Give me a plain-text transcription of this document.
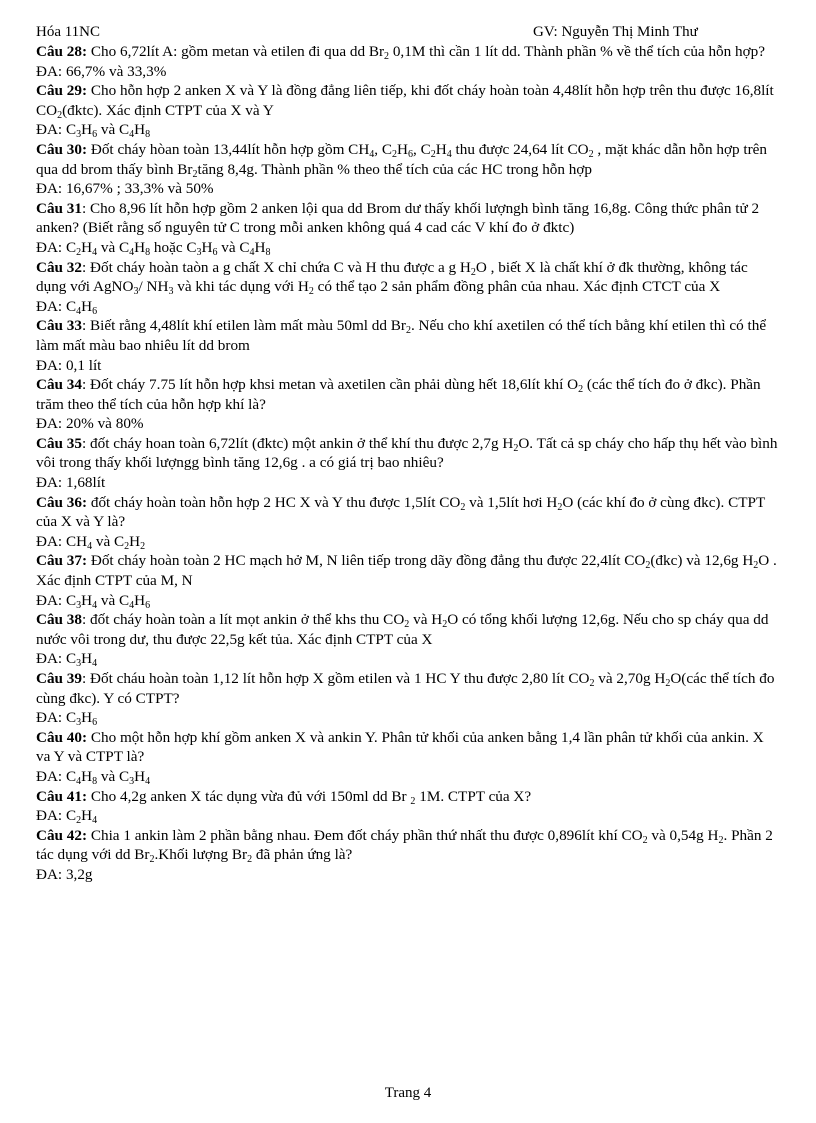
Hóa 11NC	GV: Nguyễn Thị Minh Thư

Câu 28: Cho 6,72lít A: gồm metan và etilen đi qua dd $Br_2$ 0,1M thì cần 1 lít dd. Thành phần % về thể tích của hỗn hợp?

ĐA: 66,7% và 33,3%

Câu 29: Cho hỗn hợp 2 anken X và Y là đồng đẳng liên tiếp, khi đốt cháy hoàn toàn 4,48lít hỗn hợp trên thu được 16,8lít $CO_2(đktc)$. Xác định CTPT của X và Y

ĐA: $C_3H_6$ và $C_4H_8$

Câu 30: Đốt cháy hòan toàn 13,44lít hỗn hợp gồm $CH_4$, $C_2H_6$, $C_2H_4$ thu được 24,64 lít $CO_2$ , mặt khác dẫn hỗn hợp trên qua dd brom thấy bình $Br_2tăng$ 8,4g. Thành phần % theo thể tích của các HC trong hỗn hợp

ĐA: 16,67% ; 33,3% và 50%

Câu 31: Cho 8,96 lít hỗn hợp gồm 2 anken lội qua dd Brom dư thấy khối lượngh bình tăng 16,8g. Công thức phân tử 2 anken? (Biết rằng số nguyên tử C trong mỗi anken không quá 4 cad các V khí đo ở đktc)

ĐA: $C_2H_4$ và $C_4H_8$ hoặc $C_3H_6$ và $C_4H_8$

Câu 32: Đốt cháy hoàn taòn a g chất X chỉ chứa C và H thu được a g $H_2O$ , biết X là chất khí ở đk thường, không tác dụng với AgNO$_3$/ $NH_3$ và khi tác dụng với $H_2$ có thể tạo 2 sản phẩm đồng phân của nhau. Xác định CTCT của X

ĐA: $C_4H_6$

Câu 33: Biết rằng 4,48lít khí etilen làm mất màu 50ml dd $Br_2$. Nếu cho khí axetilen có thể tích bằng khí etilen thì có thể làm mất màu bao nhiêu lít dd brom

ĐA: 0,1 lít

Câu 34: Đốt cháy 7.75 lít hỗn hợp khsi metan và axetilen cần phải dùng hết 18,6lít khí $O_2$ (các thể tích đo ở đkc). Phần trăm theo thể tích của hỗn hợp khí là?

ĐA: 20% và 80%

Câu 35: đốt cháy hoan toàn 6,72lít (đktc) một ankin ở thể khí thu được 2,7g $H_2O$. Tất cả sp cháy cho hấp thụ hết vào bình vôi trong thấy khối lượngg bình tăng 12,6g . a có giá trị bao nhiêu?

ĐA: 1,68lít

Câu 36: đốt cháy hoàn toàn hỗn hợp 2 HC X và Y thu được 1,5lít $CO_2$ và 1,5lít hơi $H_2O$ (các khí đo ở cùng đkc). CTPT của X và Y là?

ĐA: $CH_4$ và $C_2H_2$

Câu 37: Đốt cháy hoàn toàn 2 HC mạch hở M, N liên tiếp trong dãy đồng đẳng thu được 22,4lít $CO_2(đkc)$ và 12,6g $H_2O$ . Xác định CTPT của M, N

ĐA: $C_3H_4$ và $C_4H_6$

Câu 38: đốt cháy hoàn toàn a lít mọt ankin ở thể khs thu $CO_2$ và $H_2O$ có tổng khối lượng 12,6g. Nếu cho sp cháy qua dd nước vôi trong dư, thu được 22,5g kết tủa. Xác định CTPT của X

ĐA: $C_3H_4$

Câu 39: Đốt cháu hoàn toàn 1,12 lít hỗn hợp X gồm etilen và 1 HC Y thu được 2,80 lít $CO_2$ và 2,70g $H_2O(các$ thể tích đo cùng đkc). Y có CTPT?

ĐA: $C_3H_6$

Câu 40: Cho một hỗn hợp khí gồm anken X và ankin Y. Phân tử khối của anken bằng 1,4 lần phân tử khối của ankin. X va Y và CTPT là?

ĐA: $C_4H_8$ và $C_3H_4$

Câu 41: Cho 4,2g anken X tác dụng vừa đủ với 150ml dd Br $_2$ 1M. CTPT của X?

ĐA: $C_2H_4$

Câu 42: Chia 1 ankin làm 2 phần bằng nhau. Đem đốt cháy phần thứ nhất thu được 0,896lít khí $CO_2$ và 0,54g $H_2$. Phần 2 tác dụng với dd $Br_2.Khối$ lượng $Br_2$ đã phản ứng là?

ĐA: 3,2g

Trang 4
